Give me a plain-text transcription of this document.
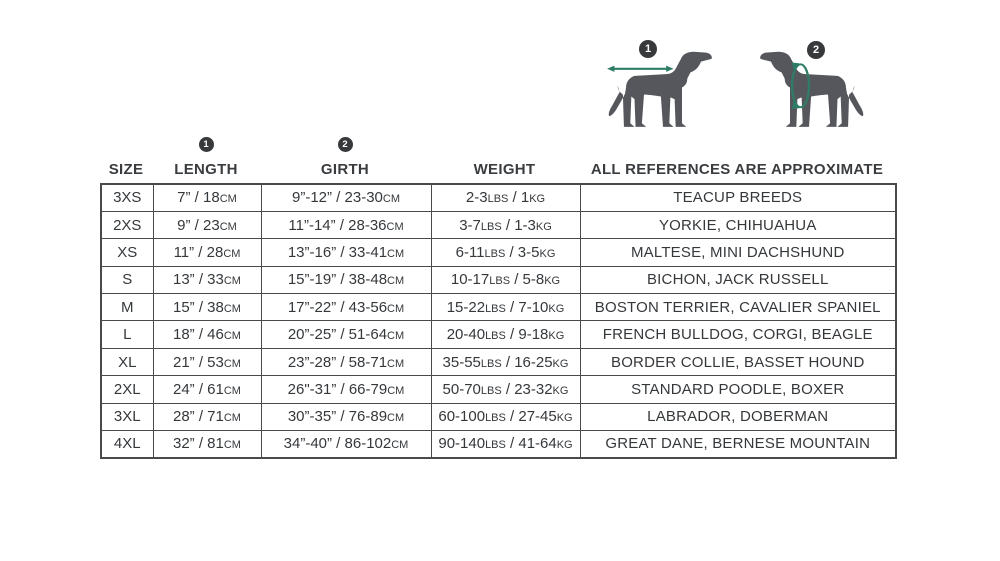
1	2
1	2
SIZE	LENGTH	GIRTH	WEIGHT	ALL REFERENCES ARE APPROXIMATE
3XS	7” / 18cm	9”-12” / 23-30cm	2-3lbs / 1kg	TEACUP BREEDS
2XS	9” / 23cm	11”-14” / 28-36cm	3-7lbs / 1-3kg	YORKIE, CHIHUAHUA
XS	11” / 28cm	13”-16” / 33-41cm	6-11lbs / 3-5kg	MALTESE, MINI DACHSHUND
S	13” / 33cm	15”-19” / 38-48cm	10-17lbs / 5-8kg	BICHON, JACK RUSSELL
M	15” / 38cm	17”-22” / 43-56cm	15-22lbs / 7-10kg	BOSTON TERRIER, CAVALIER SPANIEL
L	18” / 46cm	20”-25” / 51-64cm	20-40lbs / 9-18kg	FRENCH BULLDOG, CORGI, BEAGLE
XL	21” / 53cm	23”-28” / 58-71cm	35-55lbs / 16-25kg	BORDER COLLIE, BASSET HOUND
2XL	24” / 61cm	26"-31” / 66-79cm	50-70lbs / 23-32kg	STANDARD POODLE, BOXER
3XL	28” / 71cm	30”-35” / 76-89cm	60-100lbs / 27-45kg	LABRADOR, DOBERMAN
4XL	32” / 81cm	34”-40” / 86-102cm	90-140lbs / 41-64kg	GREAT DANE, BERNESE MOUNTAIN
